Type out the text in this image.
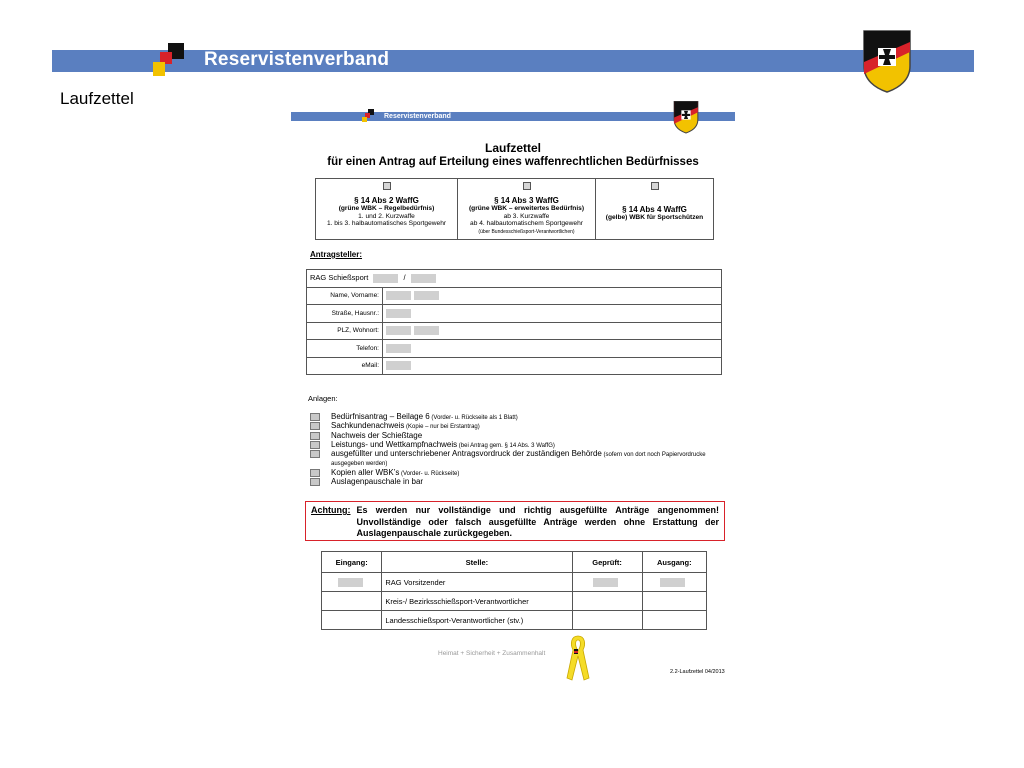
Reservistenverband
Laufzettel
Reservistenverband
Laufzettel
für einen Antrag auf Erteilung eines waffenrechtlichen Bedürfnisses

§ 14 Abs 2 WaffG
(grüne WBK – Regelbedürfnis)
1. und 2. Kurzwaffe
1. bis 3. halbautomatisches Sportgewehr

§ 14 Abs 3 WaffG
(grüne WBK – erweitertes Bedürfnis)
ab 3. Kurzwaffe
ab 4. halbautomatischem Sportgewehr
(über Bundesschießsport-Verantwortlichen)

§ 14 Abs 4 WaffG
(gelbe) WBK für Sportschützen
Antragsteller:
RAG Schießsport /	
Name, Vorname:	
Straße, Hausnr.:	
PLZ, Wohnort:	
Telefon:	
eMail:	
Anlagen:
Bedürfnisantrag – Beilage 6 (Vorder- u. Rückseite als 1 Blatt)
Sachkundenachweis (Kopie – nur bei Erstantrag)
Nachweis der Schießtage
Leistungs- und Wettkampfnachweis (bei Antrag gem. § 14 Abs. 3 WaffG)
ausgefüllter und unterschriebener Antragsvordruck der zuständigen Behörde (sofern von dort noch Papiervordrucke ausgegeben werden)
Kopien aller WBK’s (Vorder- u. Rückseite)
Auslagenpauschale in bar
Achtung: Es werden nur vollständige und richtig ausgefüllte Anträge angenommen! Unvollständige oder falsch ausgefüllte Anträge werden ohne Erstattung der Auslagenpauschale zurückgegeben.
Eingang:	Stelle:	Geprüft:	Ausgang:
	RAG Vorsitzender		
	Kreis-/ Bezirksschießsport-Verantwortlicher		
	Landesschießsport-Verantwortlicher (stv.)		
Heimat + Sicherheit + Zusammenhalt
2.2-Laufzettel 04/2013
